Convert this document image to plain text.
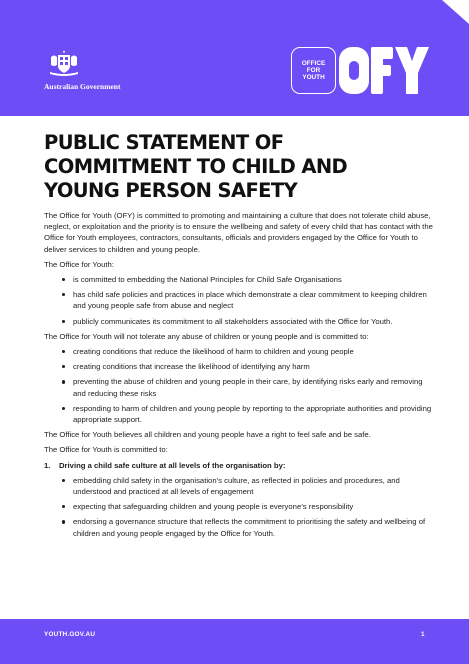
Australian Government
OFFICE
FOR
YOUTH
PUBLIC STATEMENT OF
COMMITMENT TO CHILD AND
YOUNG PERSON SAFETY

The Office for Youth (OFY) is committed to promoting and maintaining a culture that does not tolerate child abuse, neglect, or exploitation and the priority is to ensure the wellbeing and safety of every child that has contact with the Office for Youth employees, contractors, consultants, officials and providers engaged by the Office for Youth to deliver services to children and young people.

The Office for Youth:

is committed to embedding the National Principles for Child Safe Organisations
has child safe policies and practices in place which demonstrate a clear commitment to keeping children and young people safe from abuse and neglect
publicly communicates its commitment to all stakeholders associated with the Office for Youth.

The Office for Youth will not tolerate any abuse of children or young people and is committed to:

creating conditions that reduce the likelihood of harm to children and young people
creating conditions that increase the likelihood of identifying any harm
preventing the abuse of children and young people in their care, by identifying risks early and removing and reducing these risks
responding to harm of children and young people by reporting to the appropriate authorities and providing appropriate support.

The Office for Youth believes all children and young people have a right to feel safe and be safe.

The Office for Youth is committed to:

1.	Driving a child safe culture at all levels of the organisation by:
embedding child safety in the organisation’s culture, as reflected in policies and procedures, and understood and practiced at all levels of engagement
expecting that safeguarding children and young people is everyone’s responsibility
endorsing a governance structure that reflects the commitment to prioritising the safety and wellbeing of children and young people engaged by the Office for Youth.
YOUTH.GOV.AU	1
